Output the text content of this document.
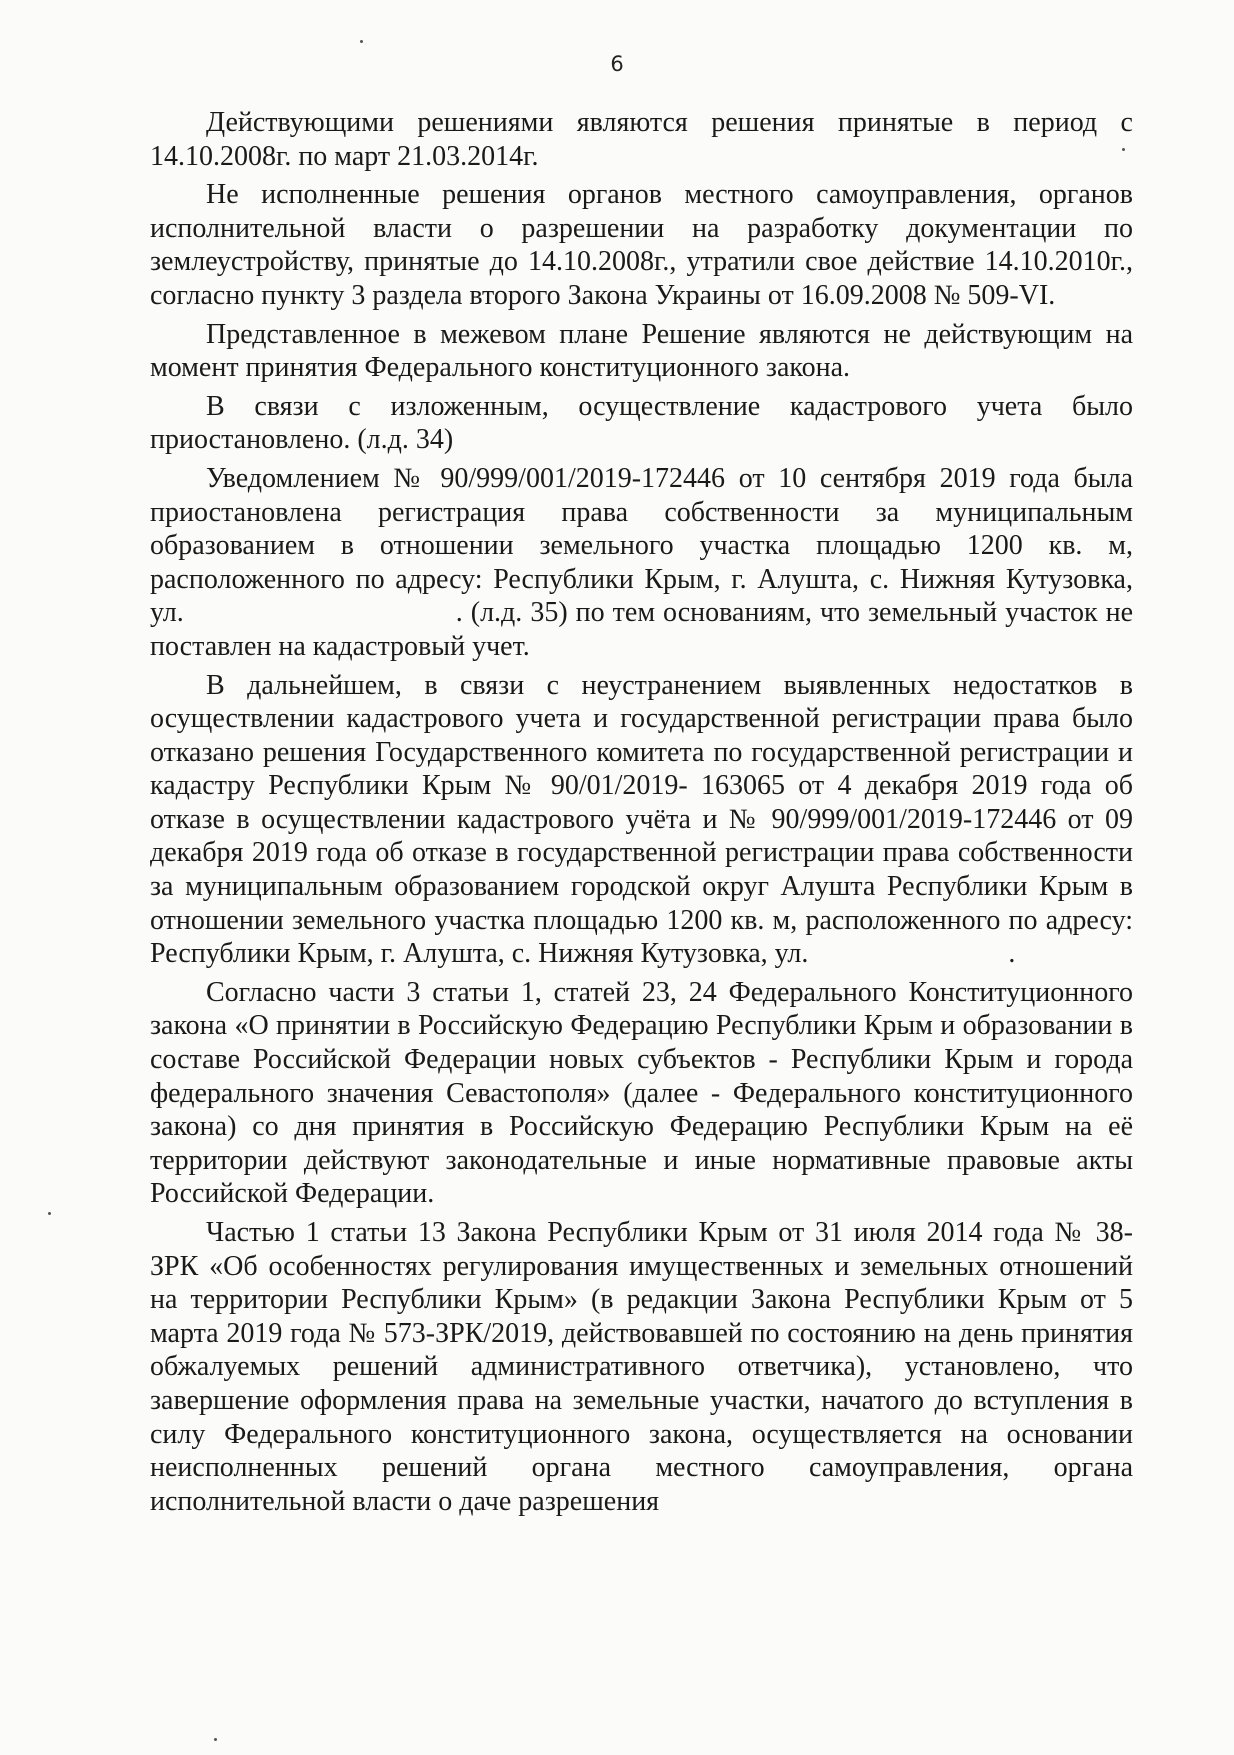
6

Действующими решениями являются решения принятые в период с 14.10.2008г. по март 21.03.2014г.

Не исполненные решения органов местного самоуправления, органов исполнительной власти о разрешении на разработку документации по землеустройству, принятые до 14.10.2008г., утратили свое действие 14.10.2010г., согласно пункту 3 раздела второго Закона Украины от 16.09.2008 № 509-VI.

Представленное в межевом плане Решение являются не действующим на момент принятия Федерального конституционного закона.

В связи с изложенным, осуществление кадастрового учета было приостановлено. (л.д. 34)

Уведомлением № 90/999/001/2019-172446 от 10 сентября 2019 года была приостановлена регистрация права собственности за муниципальным образованием в отношении земельного участка площадью 1200 кв. м, расположенного по адресу: Республики Крым, г. Алушта, с. Нижняя Кутузовка, ул.	. (л.д. 35) по тем основаниям, что земельный участок не поставлен на кадастровый учет.

В дальнейшем, в связи с неустранением выявленных недостатков в осуществлении кадастрового учета и государственной регистрации права было отказано решения Государственного комитета по государственной регистрации и кадастру Республики Крым № 90/01/2019- 163065 от 4 декабря 2019 года об отказе в осуществлении кадастрового учёта и № 90/999/001/2019-172446 от 09 декабря 2019 года об отказе в государственной регистрации права собственности за муниципальным образованием городской округ Алушта Республики Крым в отношении земельного участка площадью 1200 кв. м, расположенного по адресу: Республики Крым, г. Алушта, с. Нижняя Кутузовка, ул.	.

Согласно части 3 статьи 1, статей 23, 24 Федерального Конституционного закона «О принятии в Российскую Федерацию Республики Крым и образовании в составе Российской Федерации новых субъектов - Республики Крым и города федерального значения Севастополя» (далее - Федерального конституционного закона) со дня принятия в Российскую Федерацию Республики Крым на её территории действуют законодательные и иные нормативные правовые акты Российской Федерации.

Частью 1 статьи 13 Закона Республики Крым от 31 июля 2014 года № 38- ЗРК «Об особенностях регулирования имущественных и земельных отношений на территории Республики Крым» (в редакции Закона Республики Крым от 5 марта 2019 года № 573-ЗРК/2019, действовавшей по состоянию на день принятия обжалуемых решений административного ответчика), установлено, что завершение оформления права на земельные участки, начатого до вступления в силу Федерального конституционного закона, осуществляется на основании неисполненных решений органа местного самоуправления, органа исполнительной власти о даче разрешения
